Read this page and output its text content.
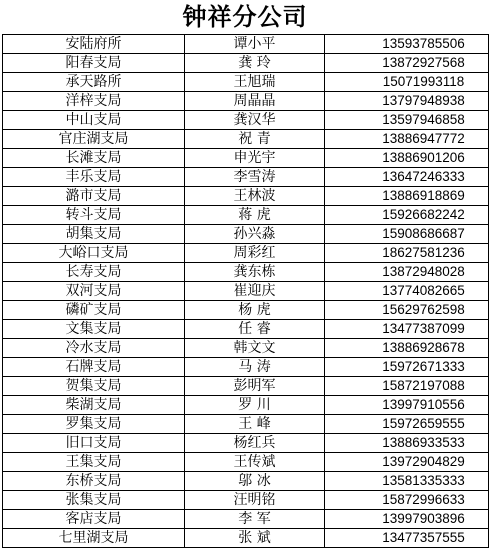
钟祥分公司
安陆府所	谭小平	13593785506
阳春支局	龚 玲	13872927568
承天路所	王旭瑞	15071993118
洋梓支局	周晶晶	13797948938
中山支局	龚汉华	13597946858
官庄湖支局	祝 青	13886947772
长滩支局	申光宇	13886901206
丰乐支局	李雪涛	13647246333
潞市支局	王林波	13886918869
转斗支局	蒋 虎	15926682242
胡集支局	孙兴淼	15908686687
大峪口支局	周彩红	18627581236
长寿支局	龚东栋	13872948028
双河支局	崔迎庆	13774082665
磷矿支局	杨 虎	15629762598
文集支局	任 睿	13477387099
冷水支局	韩文文	13886928678
石牌支局	马 涛	15972671333
贺集支局	彭明军	15872197088
柴湖支局	罗 川	13997910556
罗集支局	王 峰	15972659555
旧口支局	杨红兵	13886933533
王集支局	王传斌	13972904829
东桥支局	邬 冰	13581335333
张集支局	汪明铭	15872996633
客店支局	李 军	13997903896
七里湖支局	张 斌	13477357555
